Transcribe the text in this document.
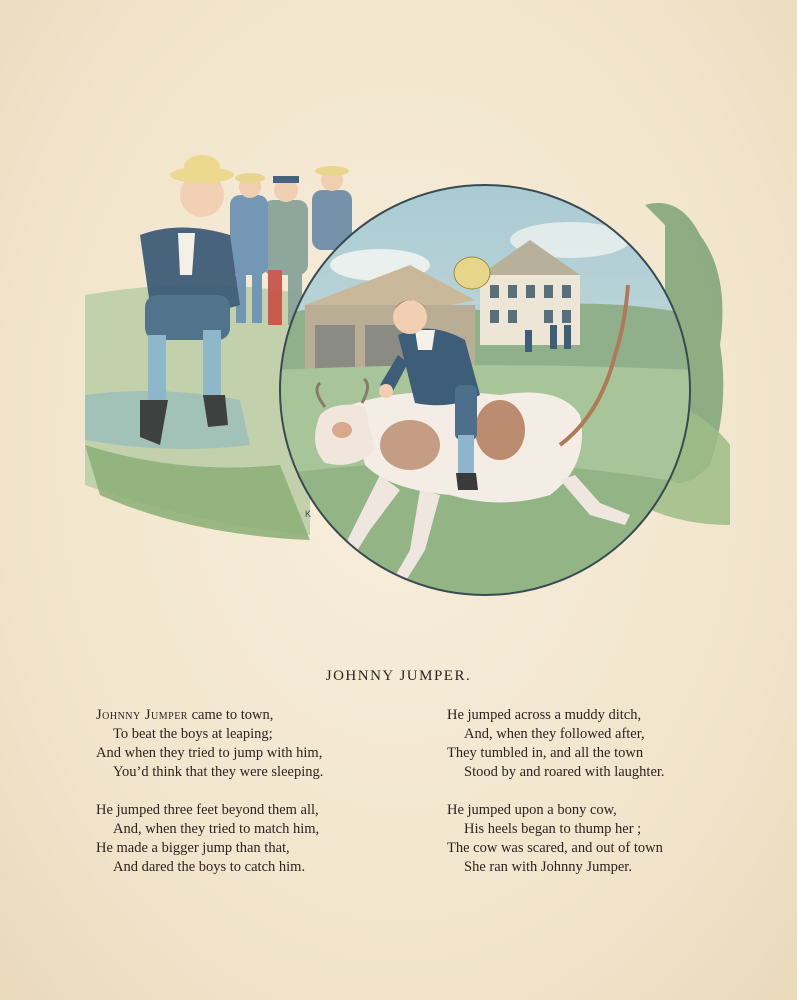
K
JOHNNY JUMPER.
Johnny Jumper came to town,
To beat the boys at leaping;
And when they tried to jump with him,
You’d think that they were sleeping.
He jumped three feet beyond them all,
And, when they tried to match him,
He made a bigger jump than that,
And dared the boys to catch him.
He jumped across a muddy ditch,
And, when they followed after,
They tumbled in, and all the town
Stood by and roared with laughter.
He jumped upon a bony cow,
His heels began to thump her ;
The cow was scared, and out of town
She ran with Johnny Jumper.
